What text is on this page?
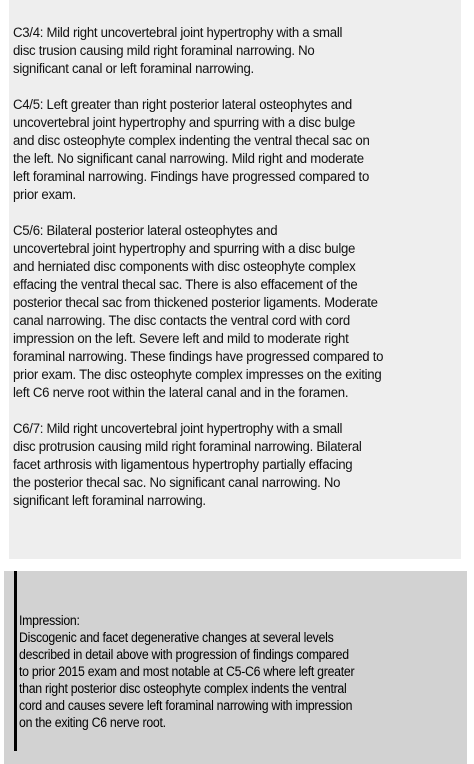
C3/4: Mild right uncovertebral joint hypertrophy with a small
disc trusion causing mild right foraminal narrowing. No
significant canal or left foraminal narrowing.
C4/5: Left greater than right posterior lateral osteophytes and
uncovertebral joint hypertrophy and spurring with a disc bulge
and disc osteophyte complex indenting the ventral thecal sac on
the left. No significant canal narrowing. Mild right and moderate
left foraminal narrowing. Findings have progressed compared to
prior exam.
C5/6: Bilateral posterior lateral osteophytes and
uncovertebral joint hypertrophy and spurring with a disc bulge
and herniated disc components with disc osteophyte complex
effacing the ventral thecal sac. There is also effacement of the
posterior thecal sac from thickened posterior ligaments. Moderate
canal narrowing. The disc contacts the ventral cord with cord
impression on the left. Severe left and mild to moderate right
foraminal narrowing. These findings have progressed compared to
prior exam. The disc osteophyte complex impresses on the exiting
left C6 nerve root within the lateral canal and in the foramen.
C6/7: Mild right uncovertebral joint hypertrophy with a small
disc protrusion causing mild right foraminal narrowing. Bilateral
facet arthrosis with ligamentous hypertrophy partially effacing
the posterior thecal sac. No significant canal narrowing. No
significant left foraminal narrowing.
Impression:
Discogenic and facet degenerative changes at several levels
described in detail above with progression of findings compared
to prior 2015 exam and most notable at C5-C6 where left greater
than right posterior disc osteophyte complex indents the ventral
cord and causes severe left foraminal narrowing with impression
on the exiting C6 nerve root.
